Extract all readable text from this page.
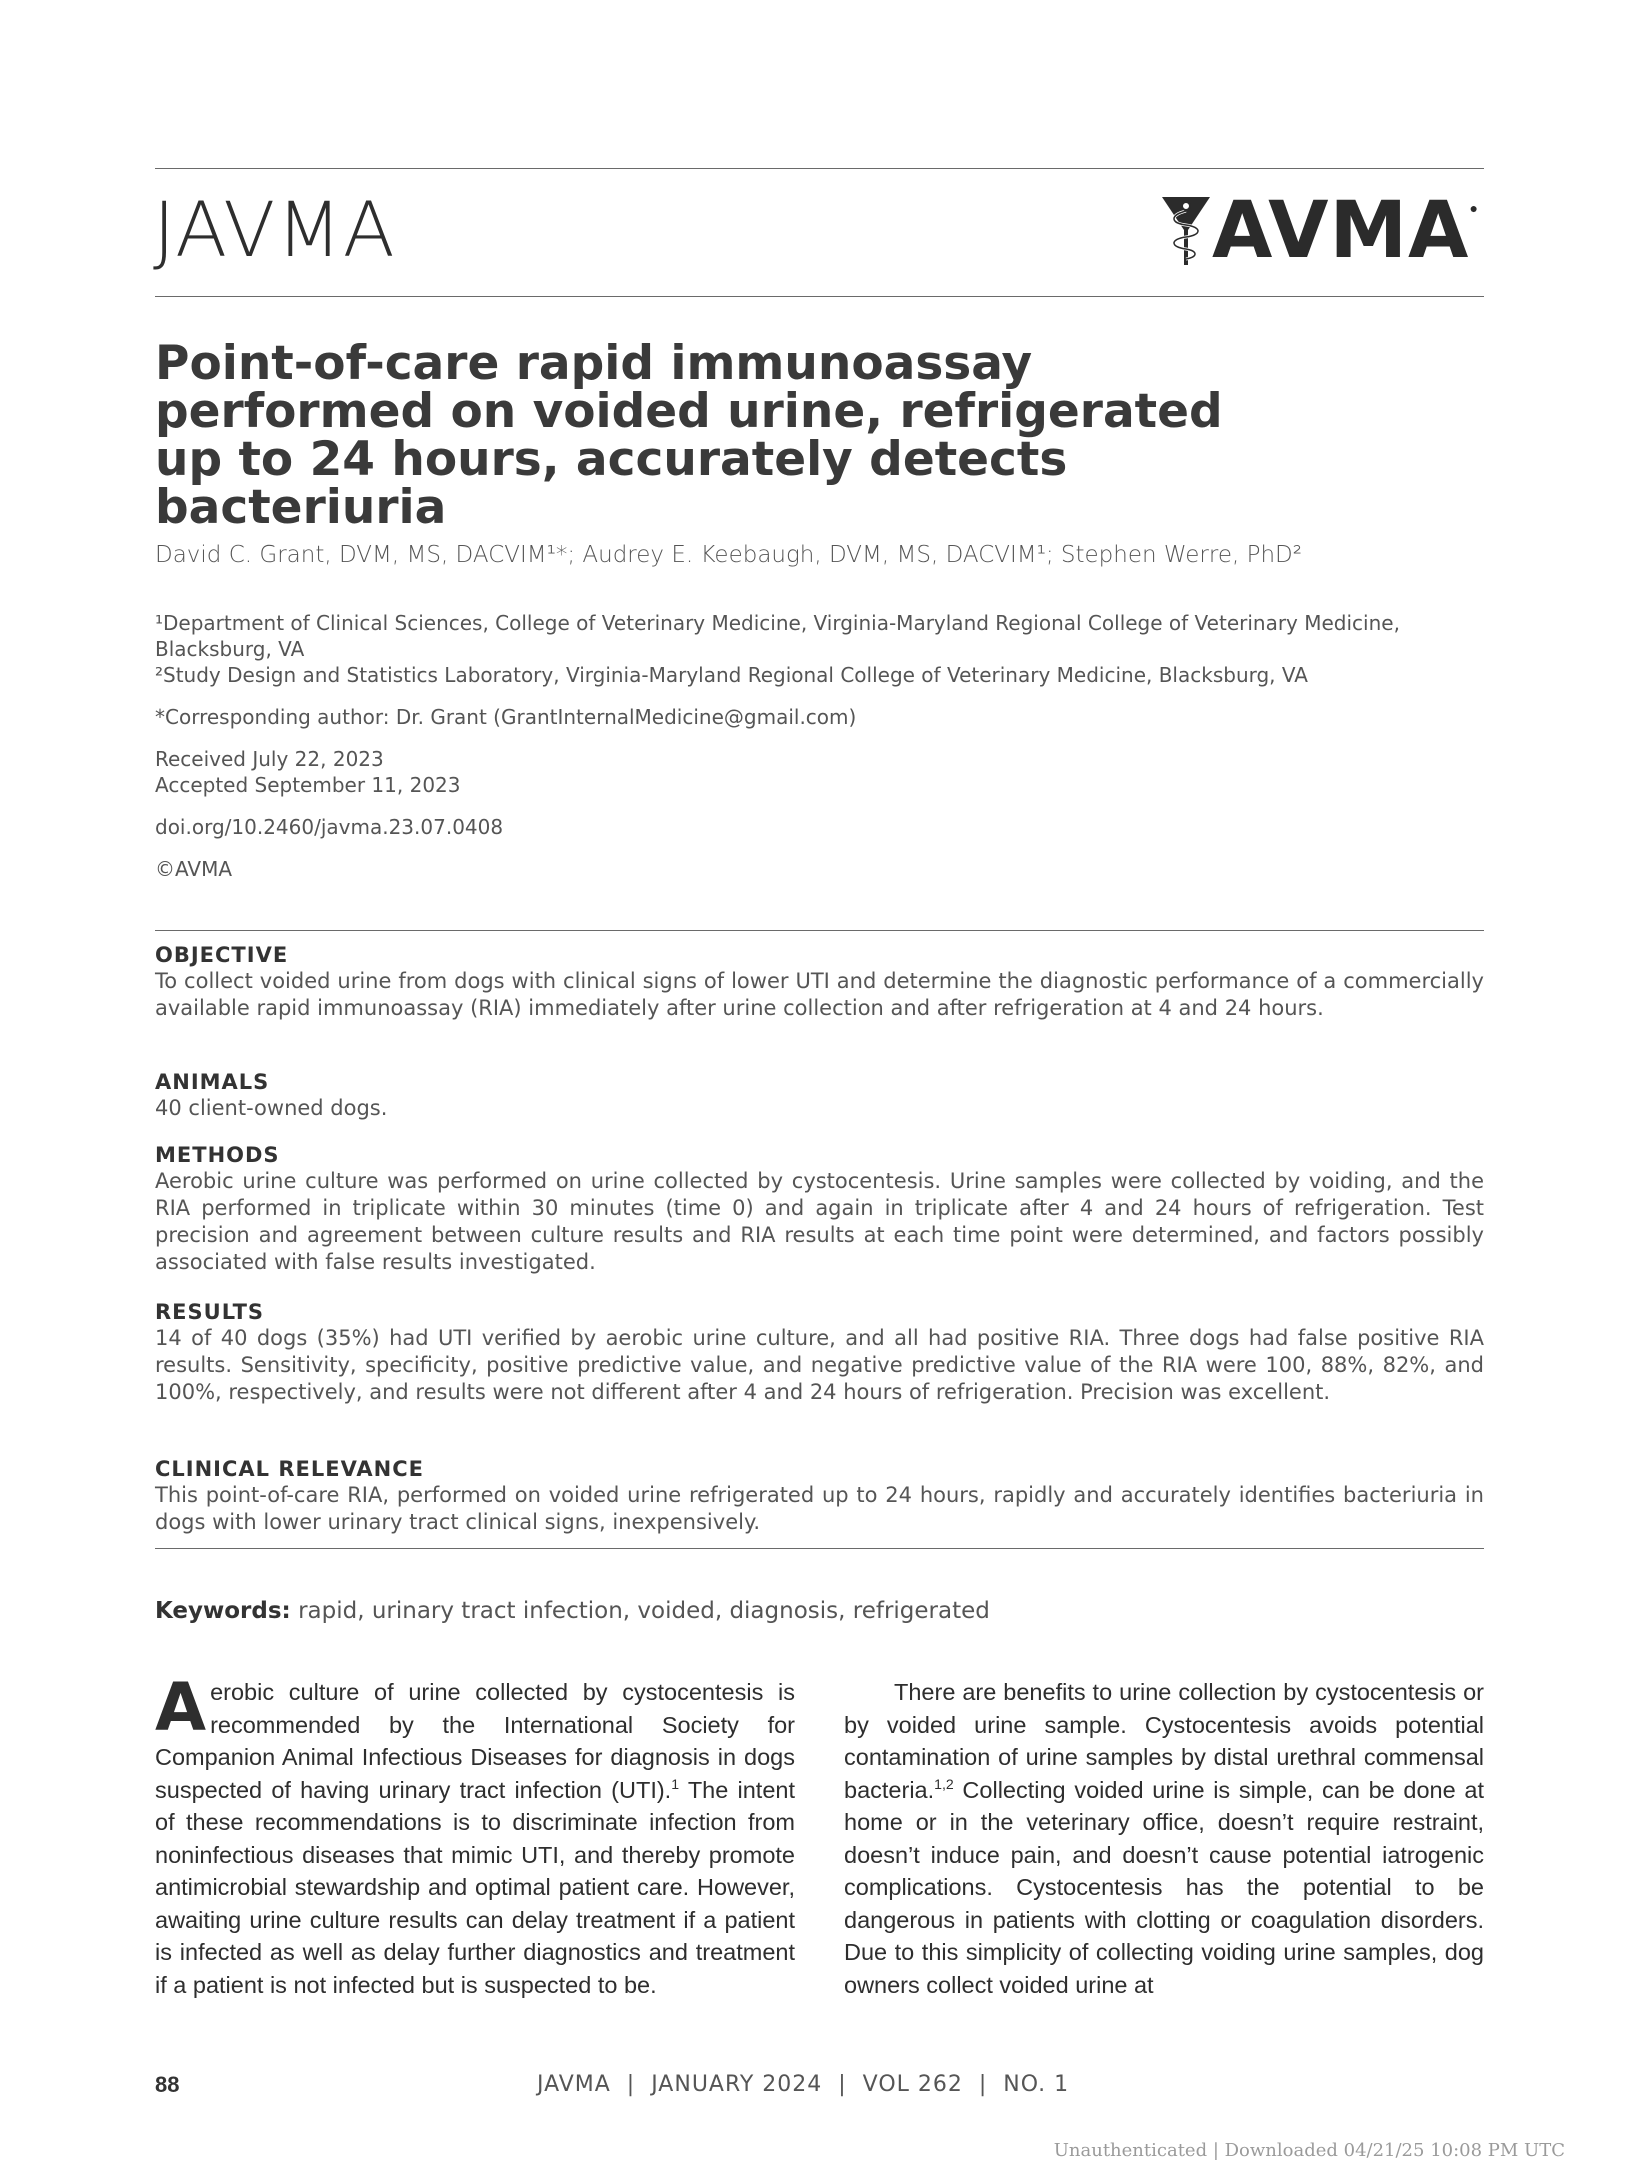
JAVMA	AVMA ●
Point-of-care rapid immunoassay performed on voided urine, refrigerated up to 24 hours, accurately detects bacteriuria
David C. Grant, DVM, MS, DACVIM¹*; Audrey E. Keebaugh, DVM, MS, DACVIM¹; Stephen Werre, PhD²
¹Department of Clinical Sciences, College of Veterinary Medicine, Virginia-Maryland Regional College of Veterinary Medicine, Blacksburg, VA
²Study Design and Statistics Laboratory, Virginia-Maryland Regional College of Veterinary Medicine, Blacksburg, VA
*Corresponding author: Dr. Grant (GrantInternalMedicine@gmail.com)
Received July 22, 2023
Accepted September 11, 2023
doi.org/10.2460/javma.23.07.0408
©AVMA
OBJECTIVE
To collect voided urine from dogs with clinical signs of lower UTI and determine the diagnostic performance of a commercially available rapid immunoassay (RIA) immediately after urine collection and after refrigeration at 4 and 24 hours.
ANIMALS
40 client-owned dogs.
METHODS
Aerobic urine culture was performed on urine collected by cystocentesis. Urine samples were collected by voiding, and the RIA performed in triplicate within 30 minutes (time 0) and again in triplicate after 4 and 24 hours of refrigeration. Test precision and agreement between culture results and RIA results at each time point were determined, and factors possibly associated with false results investigated.
RESULTS
14 of 40 dogs (35%) had UTI verified by aerobic urine culture, and all had positive RIA. Three dogs had false positive RIA results. Sensitivity, specificity, positive predictive value, and negative predictive value of the RIA were 100, 88%, 82%, and 100%, respectively, and results were not different after 4 and 24 hours of refrigeration. Precision was excellent.
CLINICAL RELEVANCE
This point-of-care RIA, performed on voided urine refrigerated up to 24 hours, rapidly and accurately identifies bacteriuria in dogs with lower urinary tract clinical signs, inexpensively.
Keywords: rapid, urinary tract infection, voided, diagnosis, refrigerated

Aerobic culture of urine collected by cystocentesis is recommended by the International Society for Companion Animal Infectious Diseases for diagnosis in dogs suspected of having urinary tract infection (UTI).$^1$ The intent of these recommendations is to discriminate infection from noninfectious diseases that mimic UTI, and thereby promote antimicrobial stewardship and optimal patient care. However, awaiting urine culture results can delay treatment if a patient is infected as well as delay further diagnostics and treatment if a patient is not infected but is suspected to be.

There are benefits to urine collection by cystocentesis or by voided urine sample. Cystocentesis avoids potential contamination of urine samples by distal urethral commensal bacteria.$^{1,2}$ Collecting voided urine is simple, can be done at home or in the veterinary office, doesn’t require restraint, doesn’t induce pain, and doesn’t cause potential iatrogenic complications. Cystocentesis has the potential to be dangerous in patients with clotting or coagulation disorders. Due to this simplicity of collecting voiding urine samples, dog owners collect voided urine at

88	JAVMA  |  JANUARY 2024  |  VOL 262  |  NO. 1
Unauthenticated | Downloaded 04/21/25 10:08 PM UTC
